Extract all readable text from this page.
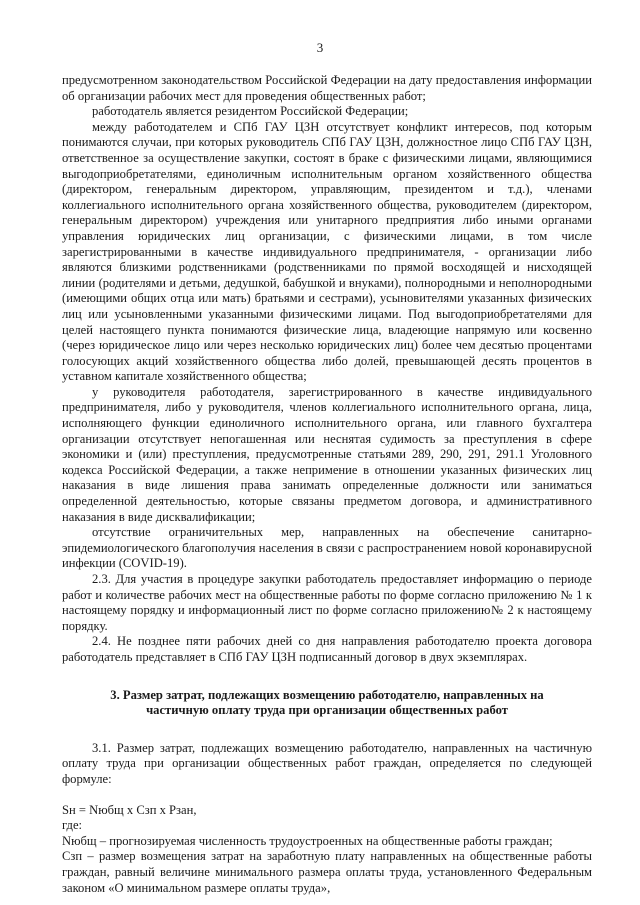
3

предусмотренном законодательством Российской Федерации на дату предоставления информации об организации рабочих мест для проведения общественных работ;

работодатель является резидентом Российской Федерации;

между работодателем и СПб ГАУ ЦЗН отсутствует конфликт интересов, под которым понимаются случаи, при которых руководитель СПб ГАУ ЦЗН, должностное лицо СПб ГАУ ЦЗН, ответственное за осуществление закупки, состоят в браке с физическими лицами, являющимися выгодоприобретателями, единоличным исполнительным органом хозяйственного общества (директором, генеральным директором, управляющим, президентом и т.д.), членами коллегиального исполнительного органа хозяйственного общества, руководителем (директором, генеральным директором) учреждения или унитарного предприятия либо иными органами управления юридических лиц организации, с физическими лицами, в том числе зарегистрированными в качестве индивидуального предпринимателя, - организации либо являются близкими родственниками (родственниками по прямой восходящей и нисходящей линии (родителями и детьми, дедушкой, бабушкой и внуками), полнородными и неполнородными (имеющими общих отца или мать) братьями и сестрами), усыновителями указанных физических лиц или усыновленными указанными физическими лицами. Под выгодоприобретателями для целей настоящего пункта понимаются физические лица, владеющие напрямую или косвенно (через юридическое лицо или через несколько юридических лиц) более чем десятью процентами голосующих акций хозяйственного общества либо долей, превышающей десять процентов в уставном капитале хозяйственного общества;

у руководителя работодателя, зарегистрированного в качестве индивидуального предпринимателя, либо у руководителя, членов коллегиального исполнительного органа, лица, исполняющего функции единоличного исполнительного органа, или главного бухгалтера организации отсутствует непогашенная или неснятая судимость за преступления в сфере экономики и (или) преступления, предусмотренные статьями 289, 290, 291, 291.1 Уголовного кодекса Российской Федерации, а также непримение в отношении указанных физических лиц наказания в виде лишения права занимать определенные должности или заниматься определенной деятельностью, которые связаны предметом договора, и административного наказания в виде дисквалификации;

отсутствие ограничительных мер, направленных на обеспечение санитарно-эпидемиологического благополучия населения в связи с распространением новой коронавирусной инфекции (COVID-19).

2.3. Для участия в процедуре закупки работодатель предоставляет информацию о периоде работ и количестве рабочих мест на общественные работы по форме согласно приложению № 1 к настоящему порядку и информационный лист по форме согласно приложению№ 2 к настоящему порядку.

2.4. Не позднее пяти рабочих дней со дня направления работодателю проекта договора работодатель представляет в СПб ГАУ ЦЗН подписанный договор в двух экземплярах.

3. Размер затрат, подлежащих возмещению работодателю, направленных на частичную оплату труда при организации общественных работ

3.1. Размер затрат, подлежащих возмещению работодателю, направленных на частичную оплату труда при организации общественных работ граждан, определяется по следующей формуле:

Sн = Nюбщ x Cзп x Рзан,

где:

Nюбщ – прогнозируемая численность трудоустроенных на общественные работы граждан;

Cзп – размер возмещения затрат на заработную плату направленных на общественные работы граждан, равный величине минимального размера оплаты труда, установленного Федеральным законом «О минимальном размере оплаты труда»,
